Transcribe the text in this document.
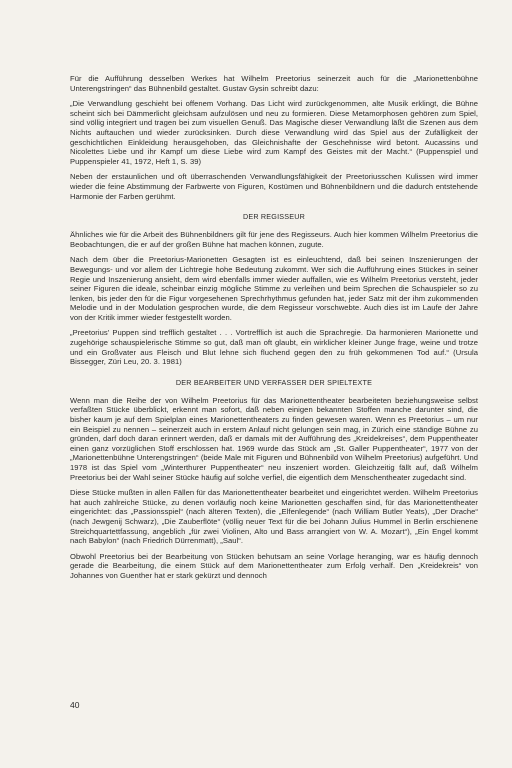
Für die Aufführung desselben Werkes hat Wilhelm Preetorius seinerzeit auch für die „Marionettenbühne Unterengstringen“ das Bühnenbild gestaltet. Gustav Gysin schreibt dazu:

„Die Verwandlung geschieht bei offenem Vorhang. Das Licht wird zurückgenommen, alte Musik erklingt, die Bühne scheint sich bei Dämmerlicht gleichsam aufzulösen und neu zu formieren. Diese Metamorphosen gehören zum Spiel, sind völlig integriert und tragen bei zum visuellen Genuß. Das Magische dieser Verwandlung läßt die Szenen aus dem Nichts auftauchen und wieder zurücksinken. Durch diese Verwandlung wird das Spiel aus der Zufälligkeit der geschichtlichen Einkleidung herausgehoben, das Gleichnishafte der Geschehnisse wird betont. Aucassins und Nicolettes Liebe und ihr Kampf um diese Liebe wird zum Kampf des Geistes mit der Macht.“ (Puppenspiel und Puppenspieler 41, 1972, Heft 1, S. 39)

Neben der erstaunlichen und oft überraschenden Verwandlungsfähigkeit der Preetoriusschen Kulissen wird immer wieder die feine Abstimmung der Farbwerte von Figuren, Kostümen und Bühnenbildnern und die dadurch entstehende Harmonie der Farben gerühmt.

DER REGISSEUR

Ähnliches wie für die Arbeit des Bühnenbildners gilt für jene des Regisseurs. Auch hier kommen Wilhelm Preetorius die Beobachtungen, die er auf der großen Bühne hat machen können, zugute.

Nach dem über die Preetorius-Marionetten Gesagten ist es einleuchtend, daß bei seinen Inszenierungen der Bewegungs- und vor allem der Lichtregie hohe Bedeutung zukommt. Wer sich die Aufführung eines Stückes in seiner Regie und Inszenierung ansieht, dem wird ebenfalls immer wieder auffallen, wie es Wilhelm Preetorius versteht, jeder seiner Figuren die ideale, scheinbar einzig mögliche Stimme zu verleihen und beim Sprechen die Schauspieler so zu lenken, bis jeder den für die Figur vorgesehenen Sprechrhythmus gefunden hat, jeder Satz mit der ihm zukommenden Melodie und in der Modulation gesprochen wurde, die dem Regisseur vorschwebte. Auch dies ist im Laufe der Jahre von der Kritik immer wieder festgestellt worden.

„Preetorius' Puppen sind trefflich gestaltet . . . Vortrefflich ist auch die Sprachregie. Da harmonieren Marionette und zugehörige schauspielerische Stimme so gut, daß man oft glaubt, ein wirklicher kleiner Junge frage, weine und trotze und ein Großvater aus Fleisch und Blut lehne sich fluchend gegen den zu früh gekommenen Tod auf.“ (Ursula Bissegger, Züri Leu, 20. 3. 1981)

DER BEARBEITER UND VERFASSER DER SPIELTEXTE

Wenn man die Reihe der von Wilhelm Preetorius für das Marionettentheater bearbeiteten beziehungsweise selbst verfaßten Stücke überblickt, erkennt man sofort, daß neben einigen bekannten Stoffen manche darunter sind, die bisher kaum je auf dem Spielplan eines Marionettentheaters zu finden gewesen waren. Wenn es Preetorius – um nur ein Beispiel zu nennen – seinerzeit auch in erstem Anlauf nicht gelungen sein mag, in Zürich eine ständige Bühne zu gründen, darf doch daran erinnert werden, daß er damals mit der Aufführung des „Kreidekreises“, dem Puppentheater einen ganz vorzüglichen Stoff erschlossen hat. 1969 wurde das Stück am „St. Galler Puppentheater“, 1977 von der „Marionettenbühne Unterengstringen“ (beide Male mit Figuren und Bühnenbild von Wilhelm Preetorius) aufgeführt. Und 1978 ist das Spiel vom „Winterthurer Puppentheater“ neu inszeniert worden. Gleichzeitig fällt auf, daß Wilhelm Preetorius bei der Wahl seiner Stücke häufig auf solche verfiel, die eigentlich dem Menschentheater zugedacht sind.

Diese Stücke mußten in allen Fällen für das Marionettentheater bearbeitet und eingerichtet werden. Wilhelm Preetorius hat auch zahlreiche Stücke, zu denen vorläufig noch keine Marionetten geschaffen sind, für das Marionettentheater eingerichtet: das „Passionsspiel“ (nach älteren Texten), die „Elfenlegende“ (nach William Butler Yeats), „Der Drache“ (nach Jewgenij Schwarz), „Die Zauberflöte“ (völlig neuer Text für die bei Johann Julius Hummel in Berlin erschienene Streichquartettfassung, angeblich „für zwei Violinen, Alto und Bass arrangiert von W. A. Mozart“), „Ein Engel kommt nach Babylon“ (nach Friedrich Dürrenmatt), „Saul“.

Obwohl Preetorius bei der Bearbeitung von Stücken behutsam an seine Vorlage heranging, war es häufig dennoch gerade die Bearbeitung, die einem Stück auf dem Marionettentheater zum Erfolg verhalf. Den „Kreidekreis“ von Johannes von Guenther hat er stark gekürzt und dennoch

40
